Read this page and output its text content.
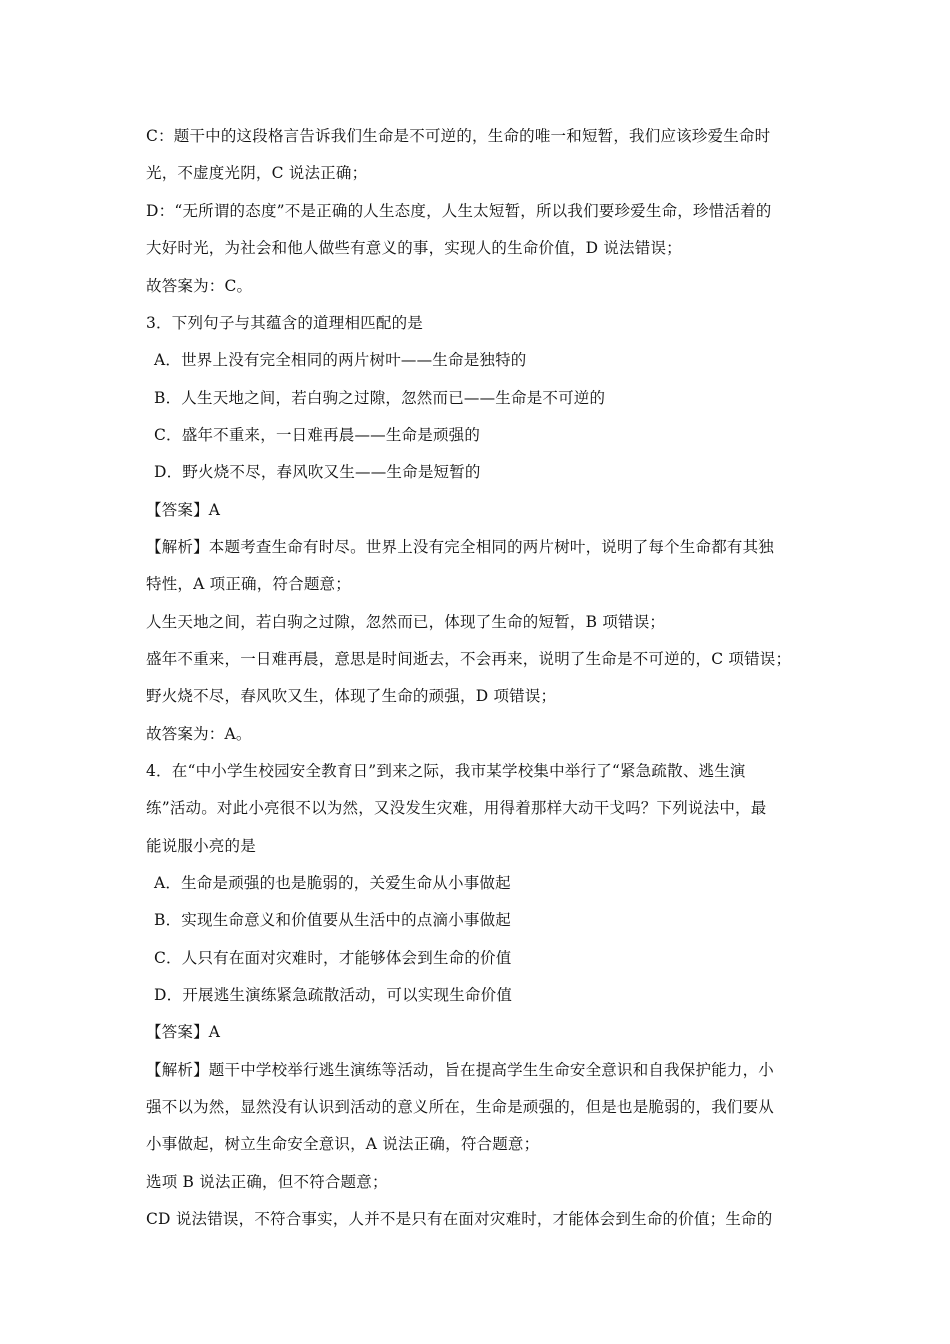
C：题干中的这段格言告诉我们生命是不可逆的，生命的唯一和短暂，我们应该珍爱生命时
光，不虚度光阴，C 说法正确；
D：“无所谓的态度”不是正确的人生态度，人生太短暂，所以我们要珍爱生命，珍惜活着的
大好时光，为社会和他人做些有意义的事，实现人的生命价值，D 说法错误；
故答案为：C。
3．下列句子与其蕴含的道理相匹配的是
A．世界上没有完全相同的两片树叶——生命是独特的
B．人生天地之间，若白驹之过隙，忽然而已——生命是不可逆的
C．盛年不重来，一日难再晨——生命是顽强的
D．野火烧不尽，春风吹又生——生命是短暂的
【答案】A
【解析】本题考查生命有时尽。世界上没有完全相同的两片树叶，说明了每个生命都有其独
特性，A 项正确，符合题意；
人生天地之间，若白驹之过隙，忽然而已，体现了生命的短暂，B 项错误；
盛年不重来，一日难再晨，意思是时间逝去，不会再来，说明了生命是不可逆的，C 项错误；
野火烧不尽，春风吹又生，体现了生命的顽强，D 项错误；
故答案为：A。
4．在“中小学生校园安全教育日”到来之际，我市某学校集中举行了“紧急疏散、逃生演
练”活动。对此小亮很不以为然，又没发生灾难，用得着那样大动干戈吗？下列说法中，最
能说服小亮的是
A．生命是顽强的也是脆弱的，关爱生命从小事做起
B．实现生命意义和价值要从生活中的点滴小事做起
C．人只有在面对灾难时，才能够体会到生命的价值
D．开展逃生演练紧急疏散活动，可以实现生命价值
【答案】A
【解析】题干中学校举行逃生演练等活动，旨在提高学生生命安全意识和自我保护能力，小
强不以为然，显然没有认识到活动的意义所在，生命是顽强的，但是也是脆弱的，我们要从
小事做起，树立生命安全意识，A 说法正确，符合题意；
选项 B 说法正确，但不符合题意；
CD 说法错误，不符合事实，人并不是只有在面对灾难时，才能体会到生命的价值；生命的
